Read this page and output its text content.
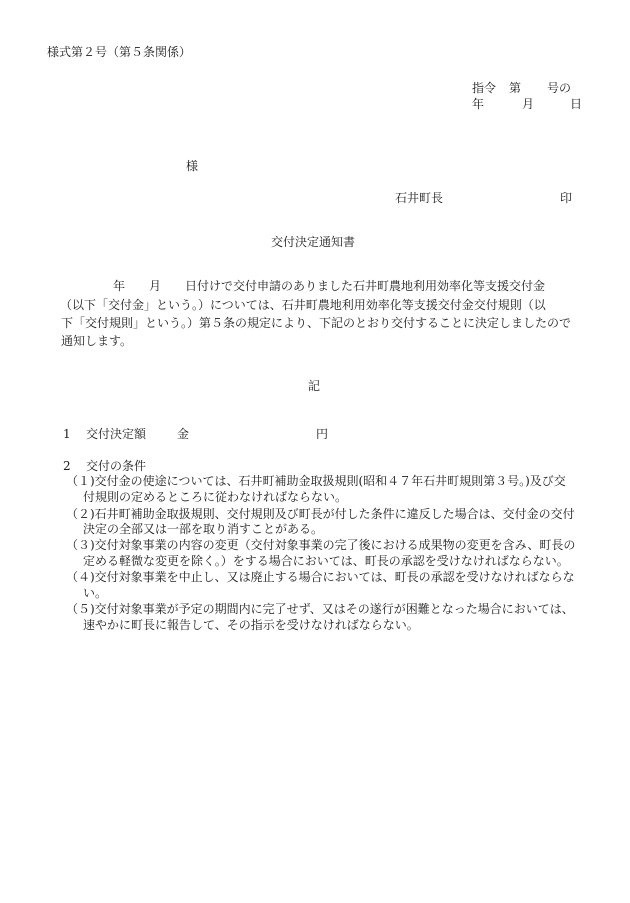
様式第２号（第５条関係）
指令 第 号の
年	月	日
様
石井町長	印
交付決定通知書
年　　月　　日付けで交付申請のありました石井町農地利用効率化等支援交付金
（以下「交付金」という。）については、石井町農地利用効率化等支援交付金交付規則（以
下「交付規則」という。）第５条の規定により、下記のとおり交付することに決定しましたので
通知します。
記
1 交付決定額	金	円
2 交付の条件
（１)交付金の使途については、石井町補助金取扱規則(昭和４７年石井町規則第３号。)及び交
付規則の定めるところに従わなければならない。
（２)石井町補助金取扱規則、交付規則及び町長が付した条件に違反した場合は、交付金の交付
決定の全部又は一部を取り消すことがある。
（３)交付対象事業の内容の変更（交付対象事業の完了後における成果物の変更を含み、町長の
定める軽微な変更を除く。）をする場合においては、町長の承認を受けなければならない。
（４)交付対象事業を中止し、又は廃止する場合においては、町長の承認を受けなければならな
い。
（５)交付対象事業が予定の期間内に完了せず、又はその遂行が困難となった場合においては、
速やかに町長に報告して、その指示を受けなければならない。
